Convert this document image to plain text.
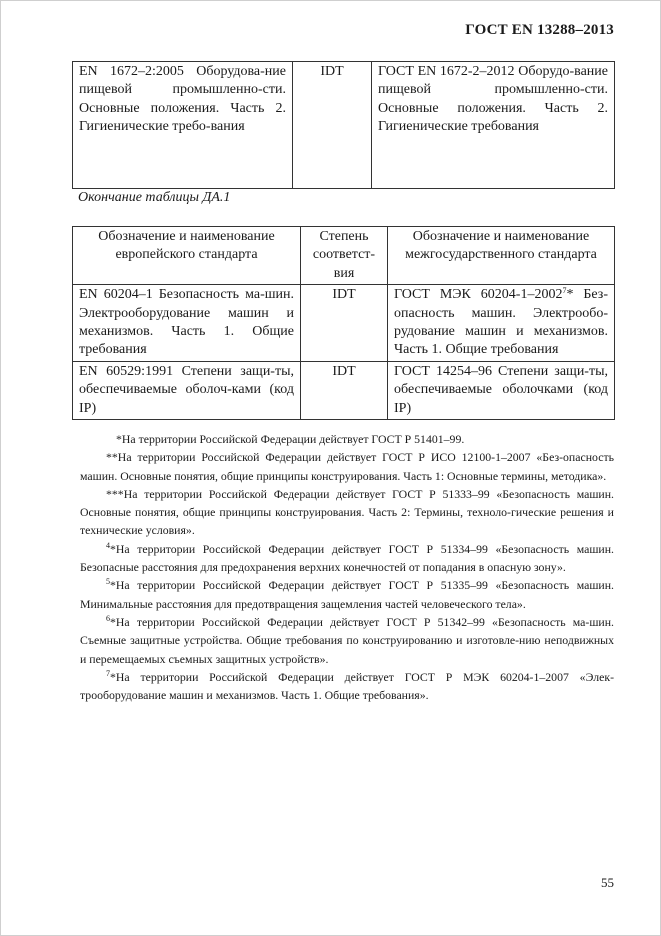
ГОСТ EN 13288–2013
EN 1672–2:2005 Оборудова-ние пищевой промышленно-сти. Основные положения. Часть 2. Гигиенические требо-вания	IDT	ГОСТ EN 1672-2–2012 Оборудо-вание пищевой промышленно-сти. Основные положения. Часть 2. Гигиенические требования
Окончание таблицы ДА.1
Обозначение и наименование европейского стандарта	Степень соответст-вия	Обозначение и наименование межгосударственного стандарта
EN 60204–1 Безопасность ма-шин. Электрооборудование машин и механизмов. Часть 1. Общие требования	IDT	ГОСТ МЭК 60204-1–2002$^7$* Без-опасность машин. Электрообо-рудование машин и механизмов. Часть 1. Общие требования
EN 60529:1991 Степени защи-ты, обеспечиваемые оболоч-ками (код IP)	IDT	ГОСТ 14254–96 Степени защи-ты, обеспечиваемые оболочками (код IP)

*На территории Российской Федерации действует ГОСТ Р 51401–99.

**На территории Российской Федерации действует ГОСТ Р ИСО 12100-1–2007 «Без-опасность машин. Основные понятия, общие принципы конструирования. Часть 1: Основные термины, методика».

***На территории Российской Федерации действует ГОСТ Р 51333–99 «Безопасность машин. Основные понятия, общие принципы конструирования. Часть 2: Термины, техноло-гические решения и технические условия».

$^4$*На территории Российской Федерации действует ГОСТ Р 51334–99 «Безопасность машин. Безопасные расстояния для предохранения верхних конечностей от попадания в опасную зону».

$^5$*На территории Российской Федерации действует ГОСТ Р 51335–99 «Безопасность машин. Минимальные расстояния для предотвращения защемления частей человеческого тела».

$^6$*На территории Российской Федерации действует ГОСТ Р 51342–99 «Безопасность ма-шин. Съемные защитные устройства. Общие требования по конструированию и изготовле-нию неподвижных и перемещаемых съемных защитных устройств».

$^7$*На территории Российской Федерации действует ГОСТ Р МЭК 60204-1–2007 «Элек-трооборудование машин и механизмов. Часть 1. Общие требования».

55
